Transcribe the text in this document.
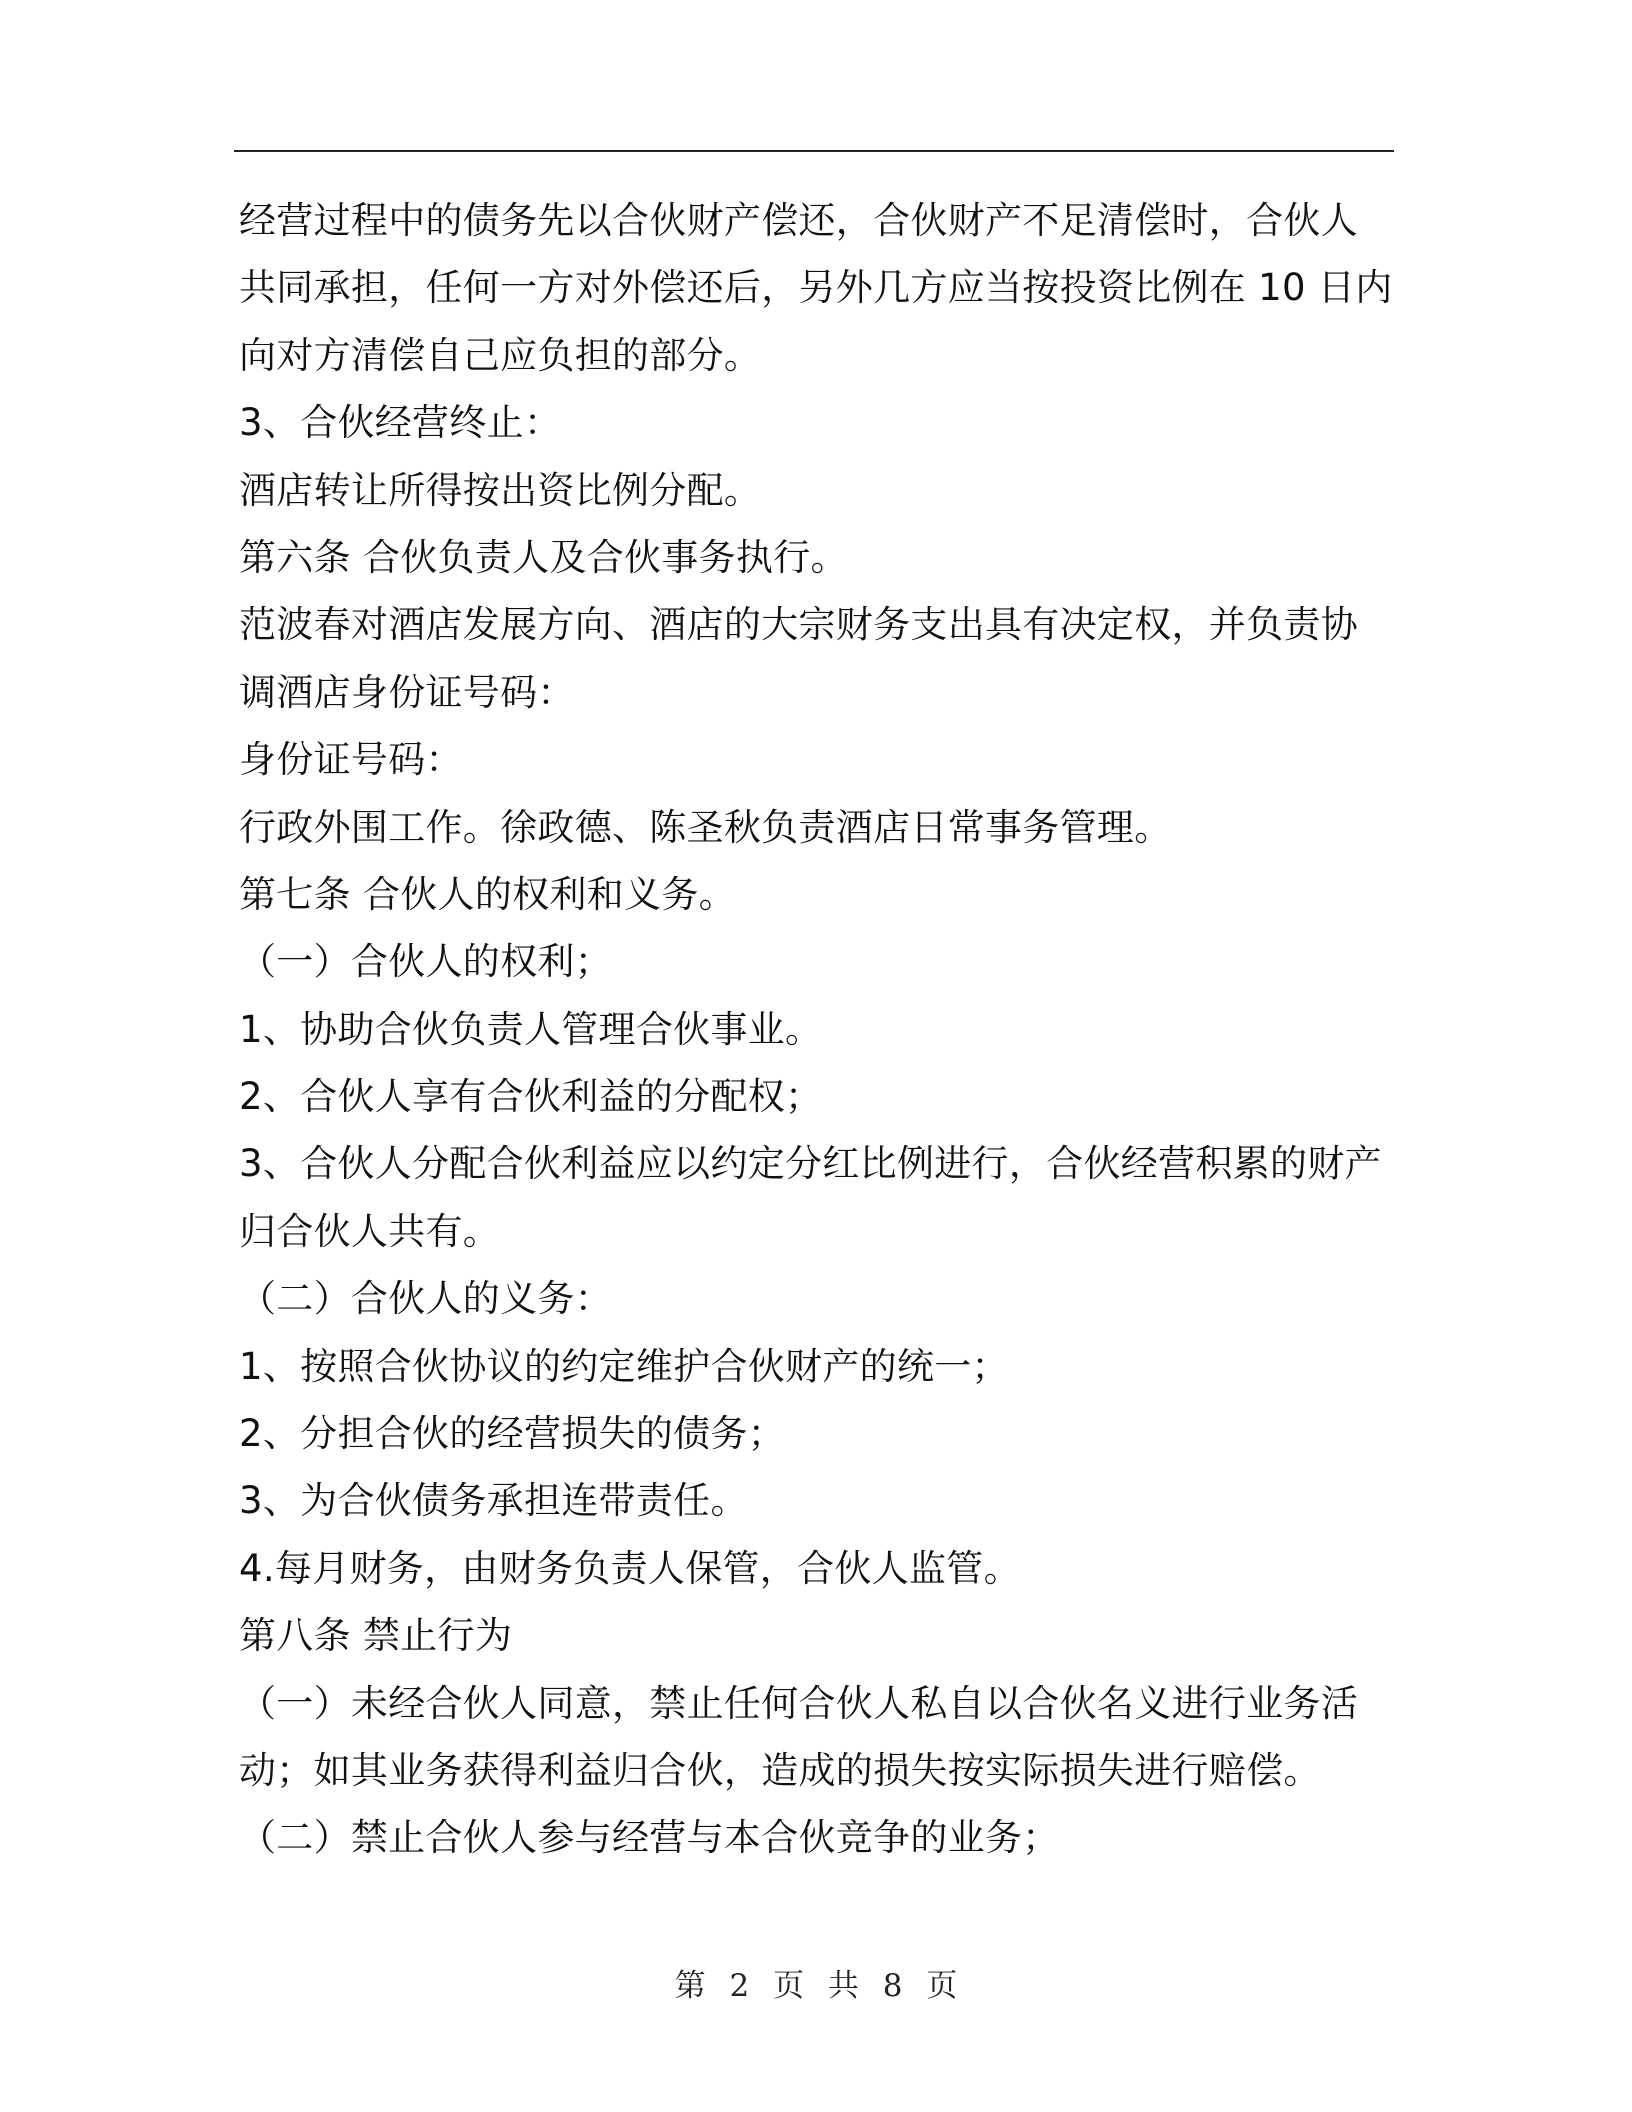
经营过程中的债务先以合伙财产偿还，合伙财产不足清偿时，合伙人
共同承担，任何一方对外偿还后，另外几方应当按投资比例在 10 日内
向对方清偿自己应负担的部分。
3、合伙经营终止：
酒店转让所得按出资比例分配。
第六条 合伙负责人及合伙事务执行。
范波春对酒店发展方向、酒店的大宗财务支出具有决定权，并负责协
调酒店身份证号码：
身份证号码：
行政外围工作。徐政德、陈圣秋负责酒店日常事务管理。
第七条 合伙人的权利和义务。
（一）合伙人的权利；
1、协助合伙负责人管理合伙事业。
2、合伙人享有合伙利益的分配权；
3、合伙人分配合伙利益应以约定分红比例进行，合伙经营积累的财产
归合伙人共有。
（二）合伙人的义务：
1、按照合伙协议的约定维护合伙财产的统一；
2、分担合伙的经营损失的债务；
3、为合伙债务承担连带责任。
4.每月财务，由财务负责人保管，合伙人监管。
第八条 禁止行为
（一）未经合伙人同意，禁止任何合伙人私自以合伙名义进行业务活
动；如其业务获得利益归合伙，造成的损失按实际损失进行赔偿。
（二）禁止合伙人参与经营与本合伙竞争的业务；
第 2 页 共 8 页
